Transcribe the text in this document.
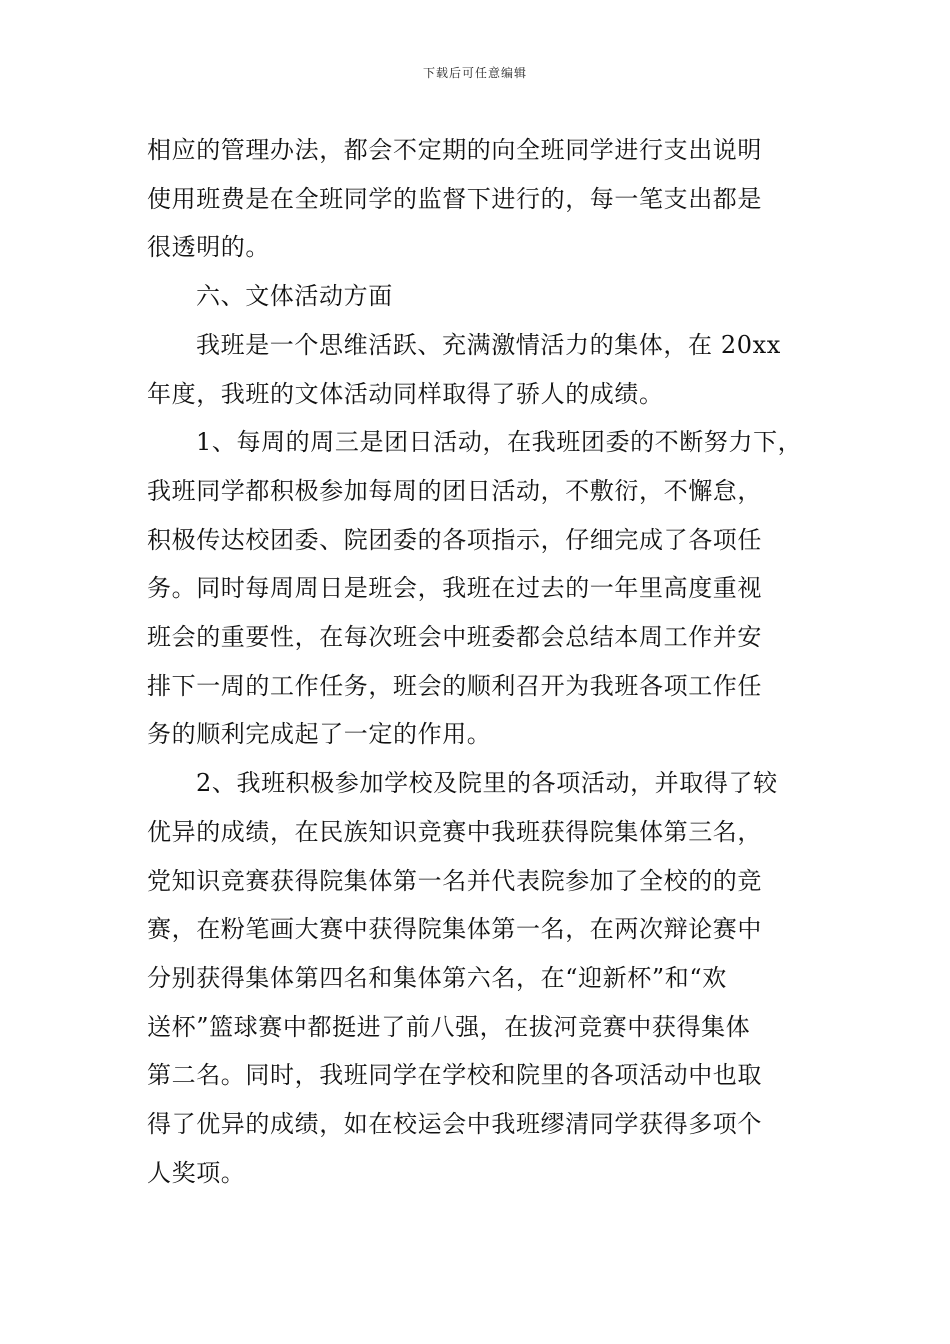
下载后可任意编辑

相应的管理办法，都会不定期的向全班同学进行支出说明
使用班费是在全班同学的监督下进行的，每一笔支出都是
很透明的。

六、文体活动方面

我班是一个思维活跃、充满激情活力的集体，在 20xx
年度，我班的文体活动同样取得了骄人的成绩。

1、每周的周三是团日活动，在我班团委的不断努力下，
我班同学都积极参加每周的团日活动，不敷衍，不懈怠，
积极传达校团委、院团委的各项指示，仔细完成了各项任
务。同时每周周日是班会，我班在过去的一年里高度重视
班会的重要性，在每次班会中班委都会总结本周工作并安
排下一周的工作任务，班会的顺利召开为我班各项工作任
务的顺利完成起了一定的作用。

2、我班积极参加学校及院里的各项活动，并取得了较
优异的成绩，在民族知识竞赛中我班获得院集体第三名，
党知识竞赛获得院集体第一名并代表院参加了全校的的竞
赛，在粉笔画大赛中获得院集体第一名，在两次辩论赛中
分别获得集体第四名和集体第六名，在“迎新杯”和“欢
送杯”篮球赛中都挺进了前八强，在拔河竞赛中获得集体
第二名。同时，我班同学在学校和院里的各项活动中也取
得了优异的成绩，如在校运会中我班缪清同学获得多项个
人奖项。
